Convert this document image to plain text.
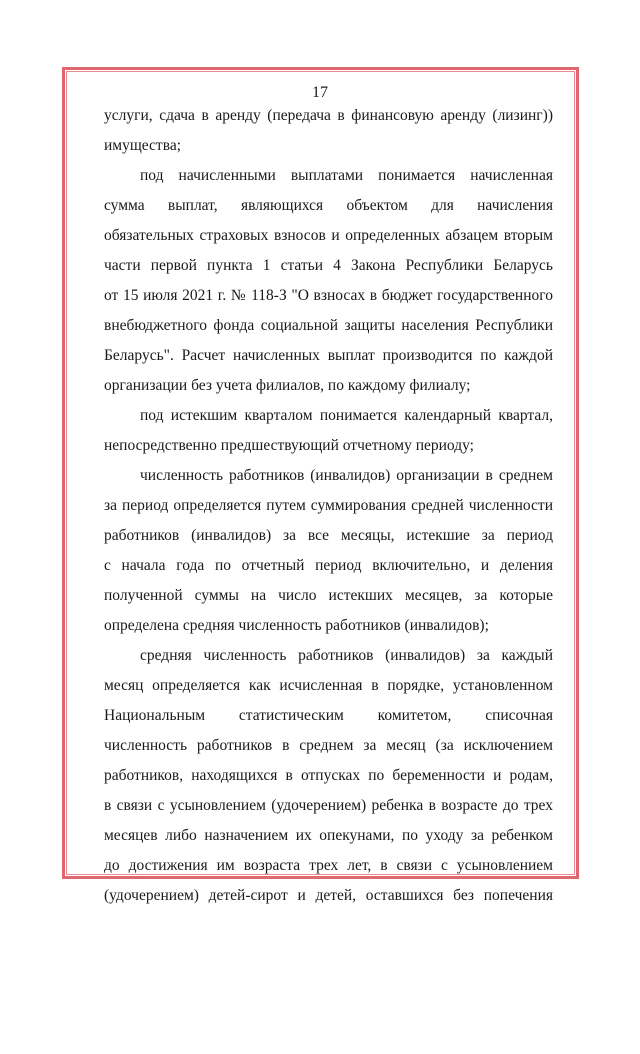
17
услуги, сдача в аренду (передача в финансовую аренду (лизинг))
имущества;
под начисленными выплатами понимается начисленная
сумма выплат, являющихся объектом для начисления
обязательных страховых взносов и определенных абзацем вторым
части первой пункта 1 статьи 4 Закона Республики Беларусь
от 15 июля 2021 г. № 118-З "О взносах в бюджет государственного
внебюджетного фонда социальной защиты населения Республики
Беларусь". Расчет начисленных выплат производится по каждой
организации без учета филиалов, по каждому филиалу;
под истекшим кварталом понимается календарный квартал,
непосредственно предшествующий отчетному периоду;
численность работников (инвалидов) организации в среднем
за период определяется путем суммирования средней численности
работников (инвалидов) за все месяцы, истекшие за период
с начала года по отчетный период включительно, и деления
полученной суммы на число истекших месяцев, за которые
определена средняя численность работников (инвалидов);
средняя численность работников (инвалидов) за каждый
месяц определяется как исчисленная в порядке, установленном
Национальным статистическим комитетом, списочная
численность работников в среднем за месяц (за исключением
работников, находящихся в отпусках по беременности и родам,
в связи с усыновлением (удочерением) ребенка в возрасте до трех
месяцев либо назначением их опекунами, по уходу за ребенком
до достижения им возраста трех лет, в связи с усыновлением
(удочерением) детей-сирот и детей, оставшихся без попечения
